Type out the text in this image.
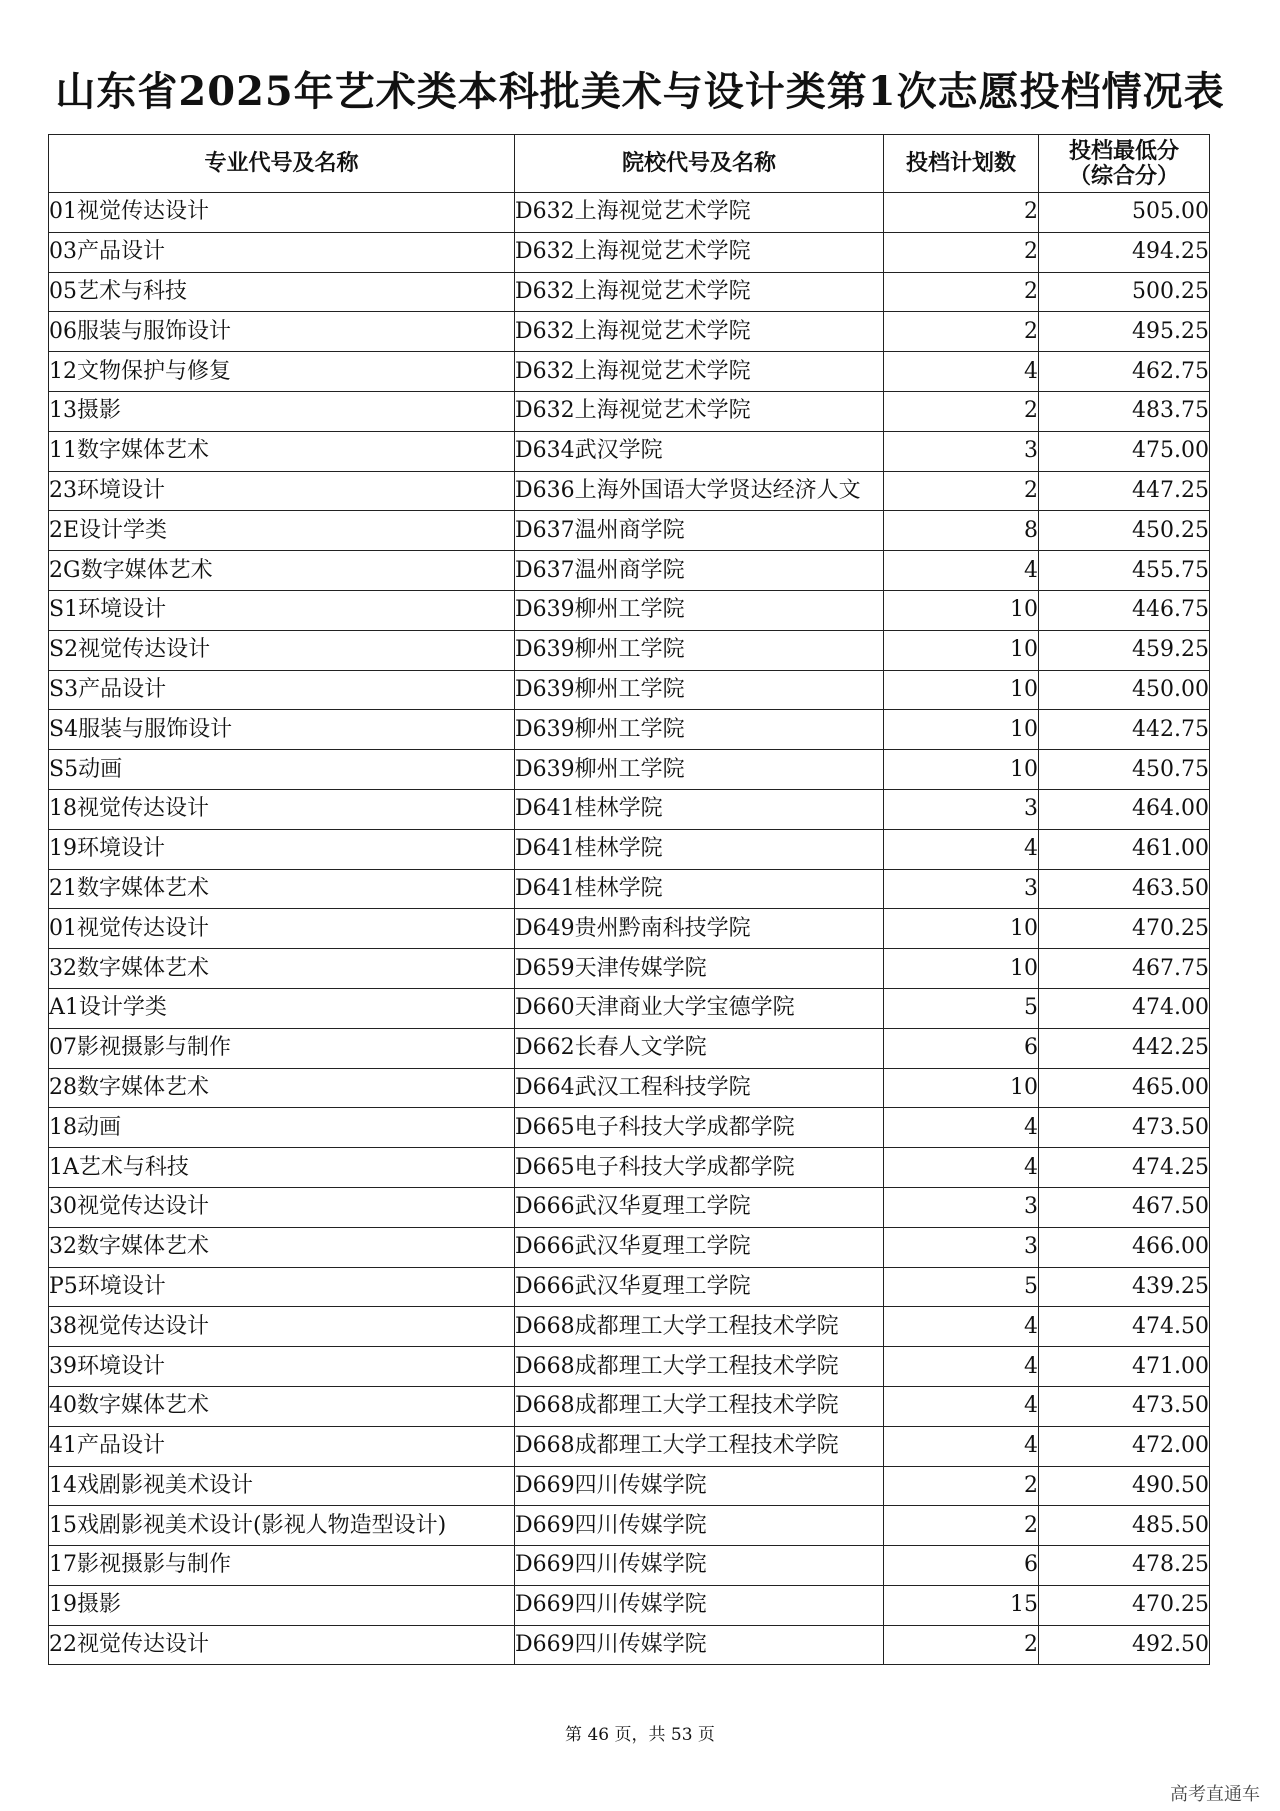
山东省2025年艺术类本科批美术与设计类第1次志愿投档情况表
专业代号及名称	院校代号及名称	投档计划数	投档最低分
（综合分）

01视觉传达设计	D632上海视觉艺术学院	2	505.00
03产品设计	D632上海视觉艺术学院	2	494.25
05艺术与科技	D632上海视觉艺术学院	2	500.25
06服装与服饰设计	D632上海视觉艺术学院	2	495.25
12文物保护与修复	D632上海视觉艺术学院	4	462.75
13摄影	D632上海视觉艺术学院	2	483.75
11数字媒体艺术	D634武汉学院	3	475.00
23环境设计	D636上海外国语大学贤达经济人文	2	447.25
2E设计学类	D637温州商学院	8	450.25
2G数字媒体艺术	D637温州商学院	4	455.75
S1环境设计	D639柳州工学院	10	446.75
S2视觉传达设计	D639柳州工学院	10	459.25
S3产品设计	D639柳州工学院	10	450.00
S4服装与服饰设计	D639柳州工学院	10	442.75
S5动画	D639柳州工学院	10	450.75
18视觉传达设计	D641桂林学院	3	464.00
19环境设计	D641桂林学院	4	461.00
21数字媒体艺术	D641桂林学院	3	463.50
01视觉传达设计	D649贵州黔南科技学院	10	470.25
32数字媒体艺术	D659天津传媒学院	10	467.75
A1设计学类	D660天津商业大学宝德学院	5	474.00
07影视摄影与制作	D662长春人文学院	6	442.25
28数字媒体艺术	D664武汉工程科技学院	10	465.00
18动画	D665电子科技大学成都学院	4	473.50
1A艺术与科技	D665电子科技大学成都学院	4	474.25
30视觉传达设计	D666武汉华夏理工学院	3	467.50
32数字媒体艺术	D666武汉华夏理工学院	3	466.00
P5环境设计	D666武汉华夏理工学院	5	439.25
38视觉传达设计	D668成都理工大学工程技术学院	4	474.50
39环境设计	D668成都理工大学工程技术学院	4	471.00
40数字媒体艺术	D668成都理工大学工程技术学院	4	473.50
41产品设计	D668成都理工大学工程技术学院	4	472.00
14戏剧影视美术设计	D669四川传媒学院	2	490.50
15戏剧影视美术设计(影视人物造型设计)	D669四川传媒学院	2	485.50
17影视摄影与制作	D669四川传媒学院	6	478.25
19摄影	D669四川传媒学院	15	470.25
22视觉传达设计	D669四川传媒学院	2	492.50
第 46 页，共 53 页
高考直通车
